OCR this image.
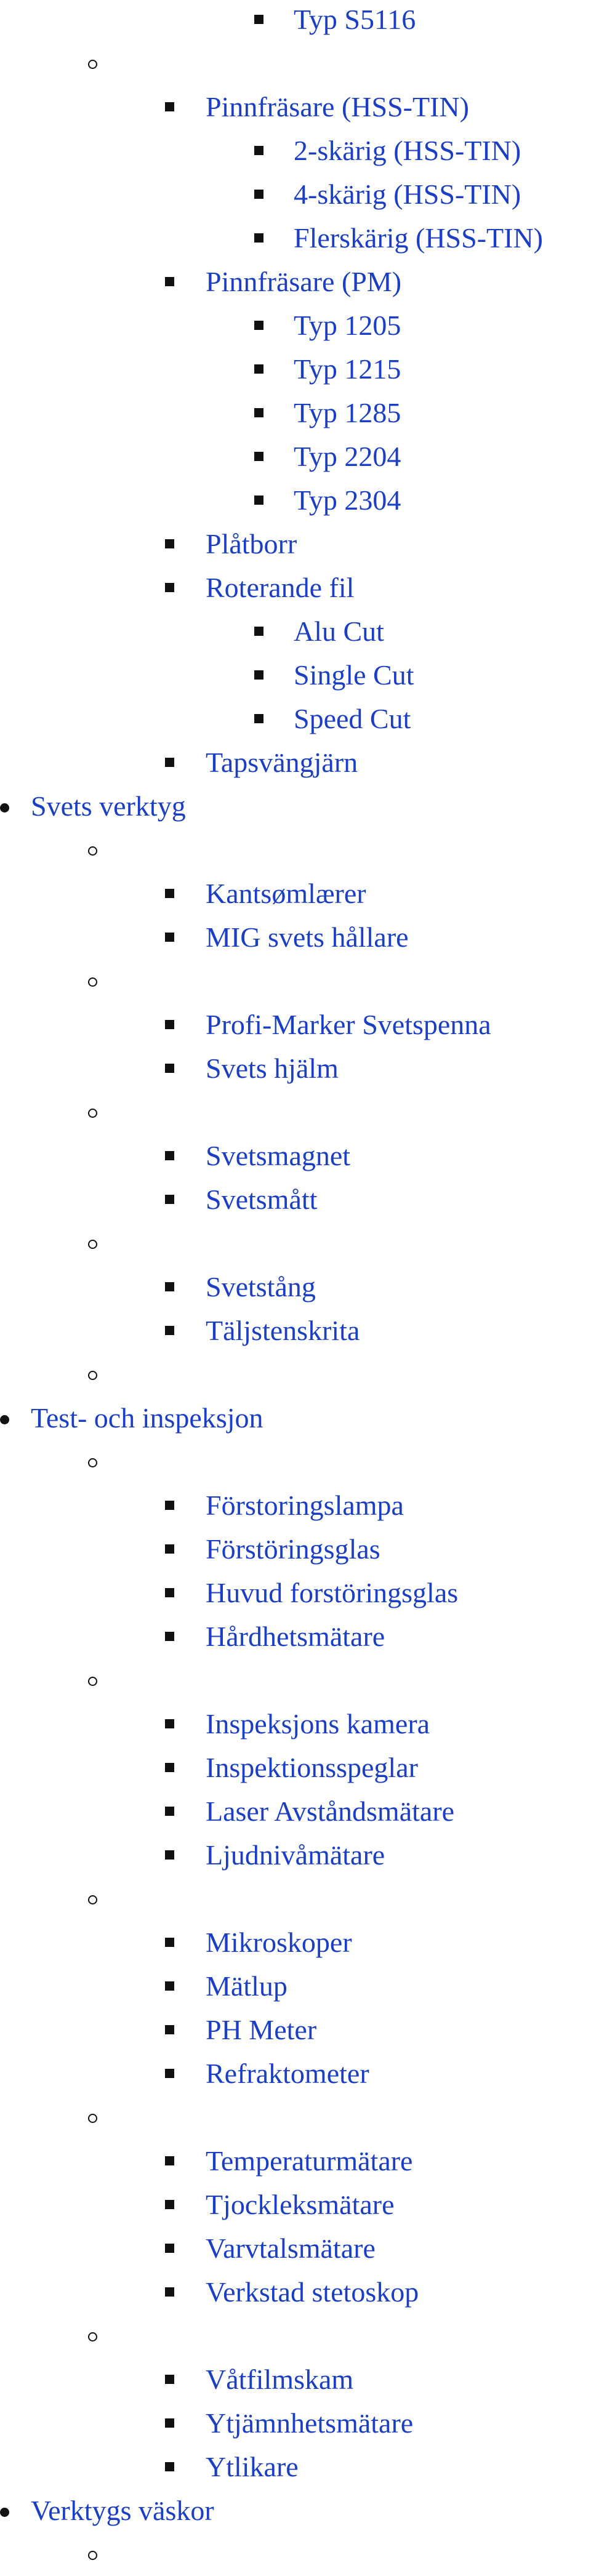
Typ S5116
Pinnfräsare (HSS-TIN)
2-skärig (HSS-TIN)
4-skärig (HSS-TIN)
Flerskärig (HSS-TIN)
Pinnfräsare (PM)
Typ 1205
Typ 1215
Typ 1285
Typ 2204
Typ 2304
Plåtborr
Roterande fil
Alu Cut
Single Cut
Speed Cut
Tapsvängjärn
Svets verktyg
Kantsømlærer
MIG svets hållare
Profi-Marker Svetspenna
Svets hjälm
Svetsmagnet
Svetsmått
Svetstång
Täljstenskrita
Test- och inspeksjon
Förstoringslampa
Förstöringsglas
Huvud forstöringsglas
Hårdhetsmätare
Inspeksjons kamera
Inspektionsspeglar
Laser Avståndsmätare
Ljudnivåmätare
Mikroskoper
Mätlup
PH Meter
Refraktometer
Temperaturmätare
Tjockleksmätare
Varvtalsmätare
Verkstad stetoskop
Våtfilmskam
Ytjämnhetsmätare
Ytlikare
Verktygs väskor
